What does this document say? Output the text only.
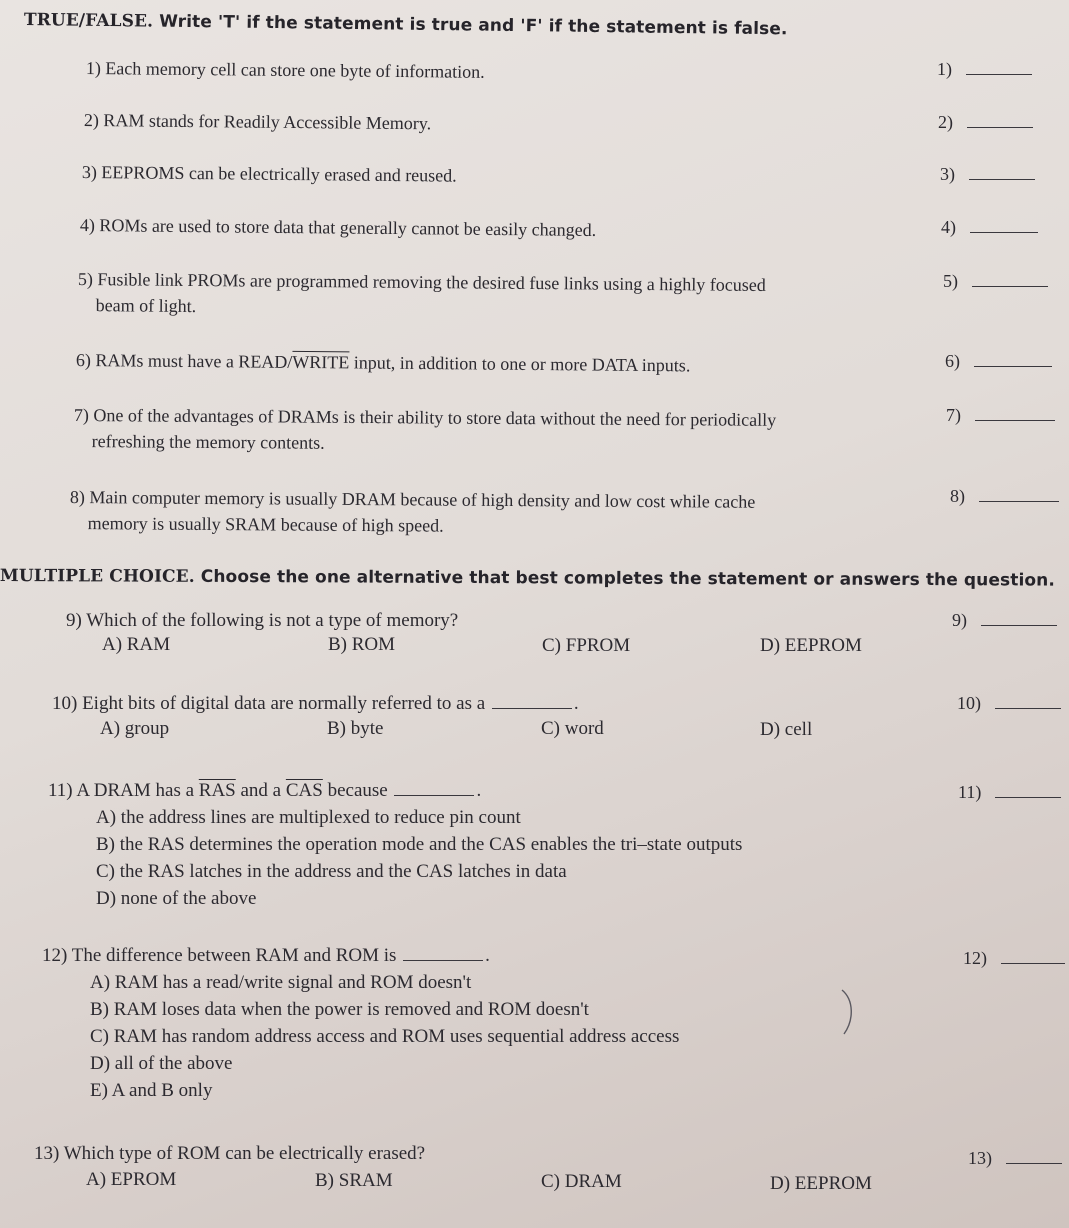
TRUE/FALSE. Write 'T' if the statement is true and 'F' if the statement is false.
1) Each memory cell can store one byte of information.	1)
2) RAM stands for Readily Accessible Memory.	2)
3) EEPROMS can be electrically erased and reused.	3)
4) ROMs are used to store data that generally cannot be easily changed.	4)
5) Fusible link PROMs are programmed removing the desired fuse links using a highly focused
beam of light.
5)
6) RAMs must have a READ/WRITE input, in addition to one or more DATA inputs.	6)
7) One of the advantages of DRAMs is their ability to store data without the need for periodically
refreshing the memory contents.
7)
8) Main computer memory is usually DRAM because of high density and low cost while cache
memory is usually SRAM because of high speed.
8)
MULTIPLE CHOICE. Choose the one alternative that best completes the statement or answers the question.
9) Which of the following is not a type of memory?
A) RAM	B) ROM	C) FPROM	D) EEPROM
9)
10) Eight bits of digital data are normally referred to as a	.
A) group	B) byte	C) word	D) cell
10)
11) A DRAM has a $\overline{RAS}$ and a $\overline{CAS}$ because	.
A) the address lines are multiplexed to reduce pin count
B) the RAS determines the operation mode and the CAS enables the tri–state outputs
C) the RAS latches in the address and the CAS latches in data
D) none of the above
11)
12) The difference between RAM and ROM is	.
A) RAM has a read/write signal and ROM doesn't
B) RAM loses data when the power is removed and ROM doesn't
C) RAM has random address access and ROM uses sequential address access
D) all of the above
E) A and B only
12)
13) Which type of ROM can be electrically erased?
A) EPROM	B) SRAM	C) DRAM	D) EEPROM
13)
